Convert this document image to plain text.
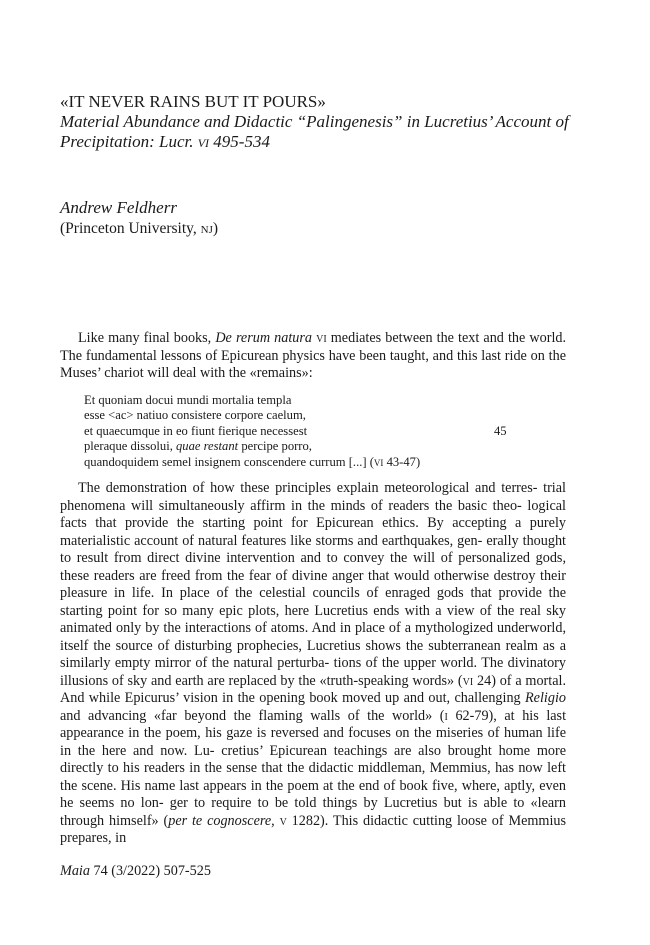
«IT NEVER RAINS BUT IT POURS»

Material Abundance and Didactic “Palingenesis” in Lucretius’ Account of Precipitation: Lucr. vi 495-534

Andrew Feldherr

(Princeton University, nj)

Like many final books, De rerum natura vi mediates between the text and the world. The fundamental lessons of Epicurean physics have been taught, and this last ride on the Muses’ chariot will deal with the «remains»:

Et quoniam docui mundi mortalia templa
esse <ac> natiuo consistere corpore caelum,
et quaecumque in eo fiunt fierique necessest	45
pleraque dissolui, quae restant percipe porro,
quandoquidem semel insignem conscendere currum [...] (vi 43-47)

The demonstration of how these principles explain meteorological and terres- trial phenomena will simultaneously affirm in the minds of readers the basic theo- logical facts that provide the starting point for Epicurean ethics. By accepting a purely materialistic account of natural features like storms and earthquakes, gen- erally thought to result from direct divine intervention and to convey the will of personalized gods, these readers are freed from the fear of divine anger that would otherwise destroy their pleasure in life. In place of the celestial councils of enraged gods that provide the starting point for so many epic plots, here Lucretius ends with a view of the real sky animated only by the interactions of atoms. And in place of a mythologized underworld, itself the source of disturbing prophecies, Lucretius shows the subterranean realm as a similarly empty mirror of the natural perturba- tions of the upper world. The divinatory illusions of sky and earth are replaced by the «truth-speaking words» (vi 24) of a mortal. And while Epicurus’ vision in the opening book moved up and out, challenging Religio and advancing «far beyond the flaming walls of the world» (i 62-79), at his last appearance in the poem, his gaze is reversed and focuses on the miseries of human life in the here and now. Lu- cretius’ Epicurean teachings are also brought home more directly to his readers in the sense that the didactic middleman, Memmius, has now left the scene. His name last appears in the poem at the end of book five, where, aptly, even he seems no lon- ger to require to be told things by Lucretius but is able to «learn through himself» (per te cognoscere, v 1282). This didactic cutting loose of Memmius prepares, in

Maia 74 (3/2022) 507-525
